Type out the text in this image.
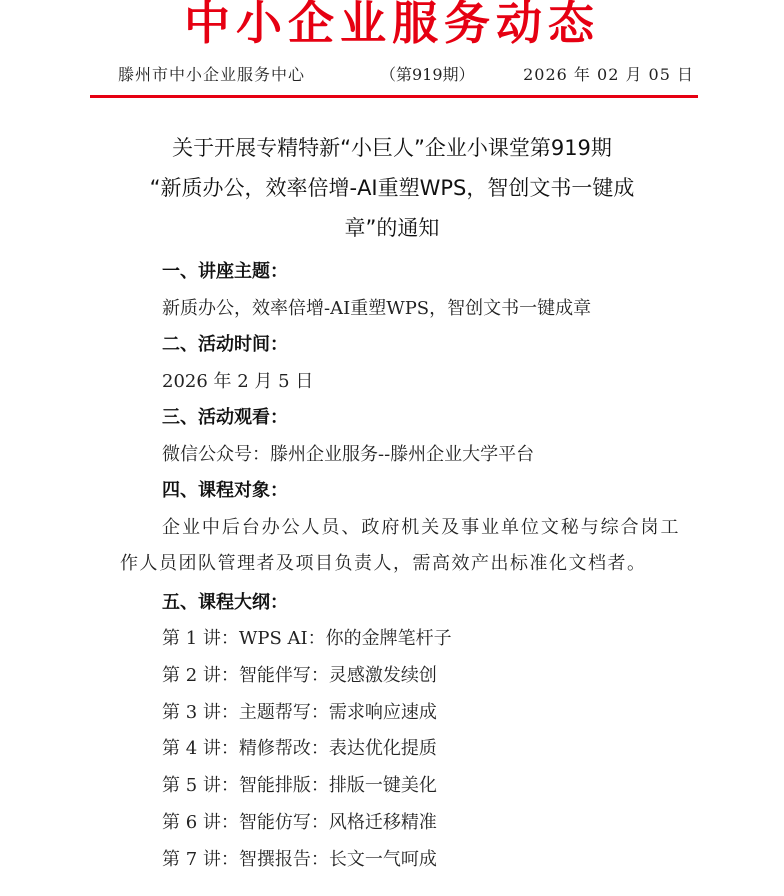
中小企业服务动态
滕州市中小企业服务中心	（第919期）	2026 年 02 月 05 日
关于开展专精特新“小巨人”企业小课堂第919期
“新质办公，效率倍增-AI重塑WPS，智创文书一键成
章”的通知
一、讲座主题：
新质办公，效率倍增-AI重塑WPS，智创文书一键成章
二、活动时间：
2026 年 2 月 5 日
三、活动观看：
微信公众号：滕州企业服务--滕州企业大学平台
四、课程对象：
企业中后台办公人员、政府机关及事业单位文秘与综合岗工作人员团队管理者及项目负责人，需高效产出标准化文档者。
五、课程大纲：
第 1 讲：WPS AI：你的金牌笔杆子
第 2 讲：智能伴写：灵感激发续创
第 3 讲：主题帮写：需求响应速成
第 4 讲：精修帮改：表达优化提质
第 5 讲：智能排版：排版一键美化
第 6 讲：智能仿写：风格迁移精准
第 7 讲：智撰报告：长文一气呵成
